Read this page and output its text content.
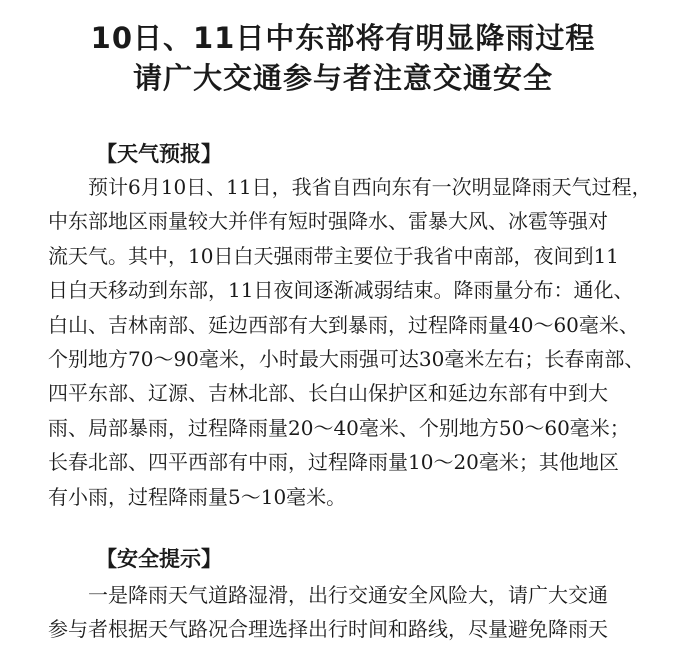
10日、11日中东部将有明显降雨过程
请广大交通参与者注意交通安全
【天气预报】
　　预计6月10日、11日，我省自西向东有一次明显降雨天气过程，
中东部地区雨量较大并伴有短时强降水、雷暴大风、冰雹等强对
流天气。其中，10日白天强雨带主要位于我省中南部，夜间到11
日白天移动到东部，11日夜间逐渐减弱结束。降雨量分布：通化、
白山、吉林南部、延边西部有大到暴雨，过程降雨量40～60毫米、
个别地方70～90毫米，小时最大雨强可达30毫米左右；长春南部、
四平东部、辽源、吉林北部、长白山保护区和延边东部有中到大
雨、局部暴雨，过程降雨量20～40毫米、个别地方50～60毫米；
长春北部、四平西部有中雨，过程降雨量10～20毫米；其他地区
有小雨，过程降雨量5～10毫米。
【安全提示】
　　一是降雨天气道路湿滑，出行交通安全风险大，请广大交通
参与者根据天气路况合理选择出行时间和路线，尽量避免降雨天
